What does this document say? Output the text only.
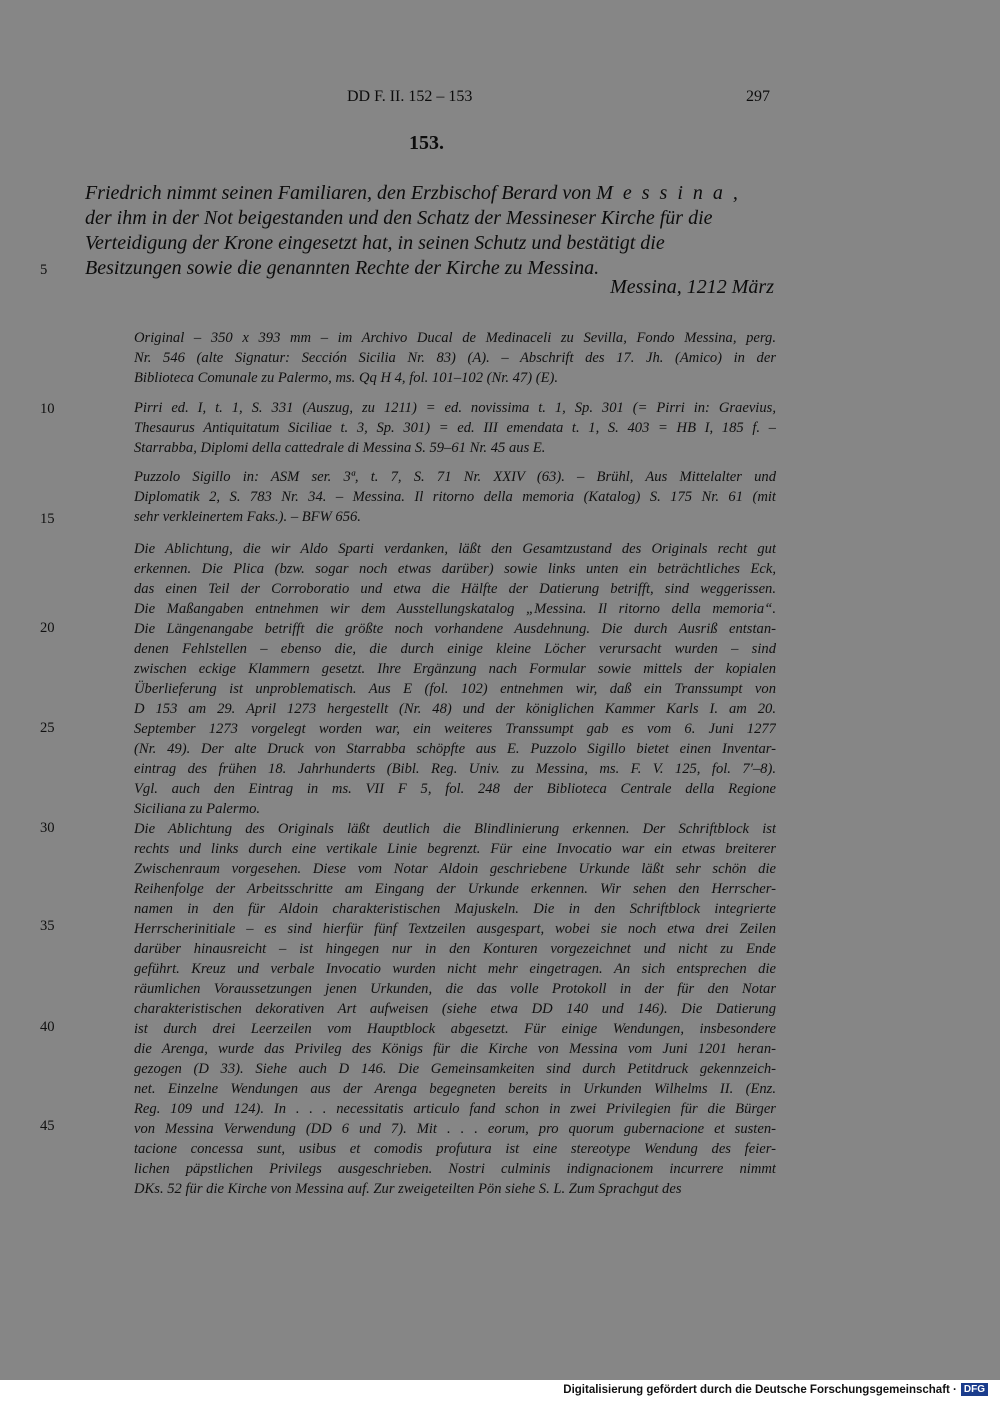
DD F. II. 152 – 153	297
153.
Friedrich nimmt seinen Familiaren, den Erzbischof Berard von Messina,
der ihm in der Not beigestanden und den Schatz der Messineser Kirche für die
Verteidigung der Krone eingesetzt hat, in seinen Schutz und bestätigt die
Besitzungen sowie die genannten Rechte der Kirche zu Messina.
Messina, 1212 März
5
10
15
20
25
30
35
40
45
Original – 350 x 393 mm – im Archivo Ducal de Medinaceli zu Sevilla, Fondo Messina, perg.
Nr. 546 (alte Signatur: Sección Sicilia Nr. 83) (A). – Abschrift des 17. Jh. (Amico) in der
Biblioteca Comunale zu Palermo, ms. Qq H 4, fol. 101–102 (Nr. 47) (E).
Pirri ed. I, t. 1, S. 331 (Auszug, zu 1211) = ed. novissima t. 1, Sp. 301 (= Pirri in: Graevius,
Thesaurus Antiquitatum Siciliae t. 3, Sp. 301) = ed. III emendata t. 1, S. 403 = HB I, 185 f. –
Starrabba, Diplomi della cattedrale di Messina S. 59–61 Nr. 45 aus E.
Puzzolo Sigillo in: ASM ser. 3ª, t. 7, S. 71 Nr. XXIV (63). – Brühl, Aus Mittelalter und
Diplomatik 2, S. 783 Nr. 34. – Messina. Il ritorno della memoria (Katalog) S. 175 Nr. 61 (mit
sehr verkleinertem Faks.). – BFW 656.
Die Ablichtung, die wir Aldo Sparti verdanken, läßt den Gesamtzustand des Originals recht gut
erkennen. Die Plica (bzw. sogar noch etwas darüber) sowie links unten ein beträchtliches Eck,
das einen Teil der Corroboratio und etwa die Hälfte der Datierung betrifft, sind weggerissen.
Die Maßangaben entnehmen wir dem Ausstellungskatalog „Messina. Il ritorno della memoria“.
Die Längenangabe betrifft die größte noch vorhandene Ausdehnung. Die durch Ausriß entstan-
denen Fehlstellen – ebenso die, die durch einige kleine Löcher verursacht wurden – sind
zwischen eckige Klammern gesetzt. Ihre Ergänzung nach Formular sowie mittels der kopialen
Überlieferung ist unproblematisch. Aus E (fol. 102) entnehmen wir, daß ein Transsumpt von
D 153 am 29. April 1273 hergestellt (Nr. 48) und der königlichen Kammer Karls I. am 20.
September 1273 vorgelegt worden war, ein weiteres Transsumpt gab es vom 6. Juni 1277
(Nr. 49). Der alte Druck von Starrabba schöpfte aus E. Puzzolo Sigillo bietet einen Inventar-
eintrag des frühen 18. Jahrhunderts (Bibl. Reg. Univ. zu Messina, ms. F. V. 125, fol. 7′–8).
Vgl. auch den Eintrag in ms. VII F 5, fol. 248 der Biblioteca Centrale della Regione
Siciliana zu Palermo.
Die Ablichtung des Originals läßt deutlich die Blindlinierung erkennen. Der Schriftblock ist
rechts und links durch eine vertikale Linie begrenzt. Für eine Invocatio war ein etwas breiterer
Zwischenraum vorgesehen. Diese vom Notar Aldoin geschriebene Urkunde läßt sehr schön die
Reihenfolge der Arbeitsschritte am Eingang der Urkunde erkennen. Wir sehen den Herrscher-
namen in den für Aldoin charakteristischen Majuskeln. Die in den Schriftblock integrierte
Herrscherinitiale – es sind hierfür fünf Textzeilen ausgespart, wobei sie noch etwa drei Zeilen
darüber hinausreicht – ist hingegen nur in den Konturen vorgezeichnet und nicht zu Ende
geführt. Kreuz und verbale Invocatio wurden nicht mehr eingetragen. An sich entsprechen die
räumlichen Voraussetzungen jenen Urkunden, die das volle Protokoll in der für den Notar
charakteristischen dekorativen Art aufweisen (siehe etwa DD 140 und 146). Die Datierung
ist durch drei Leerzeilen vom Hauptblock abgesetzt. Für einige Wendungen, insbesondere
die Arenga, wurde das Privileg des Königs für die Kirche von Messina vom Juni 1201 heran-
gezogen (D 33). Siehe auch D 146. Die Gemeinsamkeiten sind durch Petitdruck gekennzeich-
net. Einzelne Wendungen aus der Arenga begegneten bereits in Urkunden Wilhelms II. (Enz.
Reg. 109 und 124). In . . . necessitatis articulo fand schon in zwei Privilegien für die Bürger
von Messina Verwendung (DD 6 und 7). Mit . . . eorum, pro quorum gubernacione et susten-
tacione concessa sunt, usibus et comodis profutura ist eine stereotype Wendung des feier-
lichen päpstlichen Privilegs ausgeschrieben. Nostri culminis indignacionem incurrere nimmt
DKs. 52 für die Kirche von Messina auf. Zur zweigeteilten Pön siehe S. L. Zum Sprachgut des
Digitalisierung gefördert durch die Deutsche Forschungsgemeinschaft · DFG
